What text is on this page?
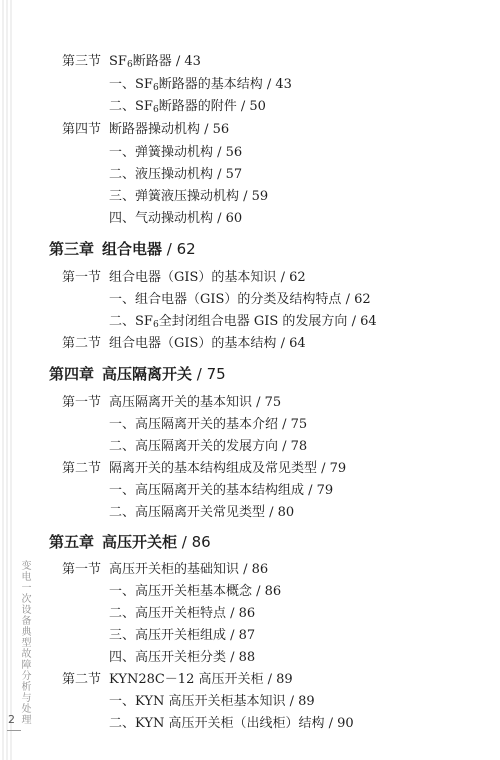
第三节 $SF_6$断路器 / 43
一、$SF_6$断路器的基本结构 / 43
二、$SF_6$断路器的附件 / 50
第四节 断路器操动机构 / 56
一、弹簧操动机构 / 56
二、液压操动机构 / 57
三、弹簧液压操动机构 / 59
四、气动操动机构 / 60
第三章 组合电器 / 62
第一节 组合电器（GIS）的基本知识 / 62
一、组合电器（GIS）的分类及结构特点 / 62
二、$SF_6$全封闭组合电器 GIS 的发展方向 / 64
第二节 组合电器（GIS）的基本结构 / 64
第四章 高压隔离开关 / 75
第一节 高压隔离开关的基本知识 / 75
一、高压隔离开关的基本介绍 / 75
二、高压隔离开关的发展方向 / 78
第二节 隔离开关的基本结构组成及常见类型 / 79
一、高压隔离开关的基本结构组成 / 79
二、高压隔离开关常见类型 / 80
第五章 高压开关柜 / 86
第一节 高压开关柜的基础知识 / 86
一、高压开关柜基本概念 / 86
二、高压开关柜特点 / 86
三、高压开关柜组成 / 87
四、高压开关柜分类 / 88
第二节 KYN28C－12 高压开关柜 / 89
一、KYN 高压开关柜基本知识 / 89
二、KYN 高压开关柜（出线柜）结构 / 90
变电一次设备典型故障分析与处理
2
